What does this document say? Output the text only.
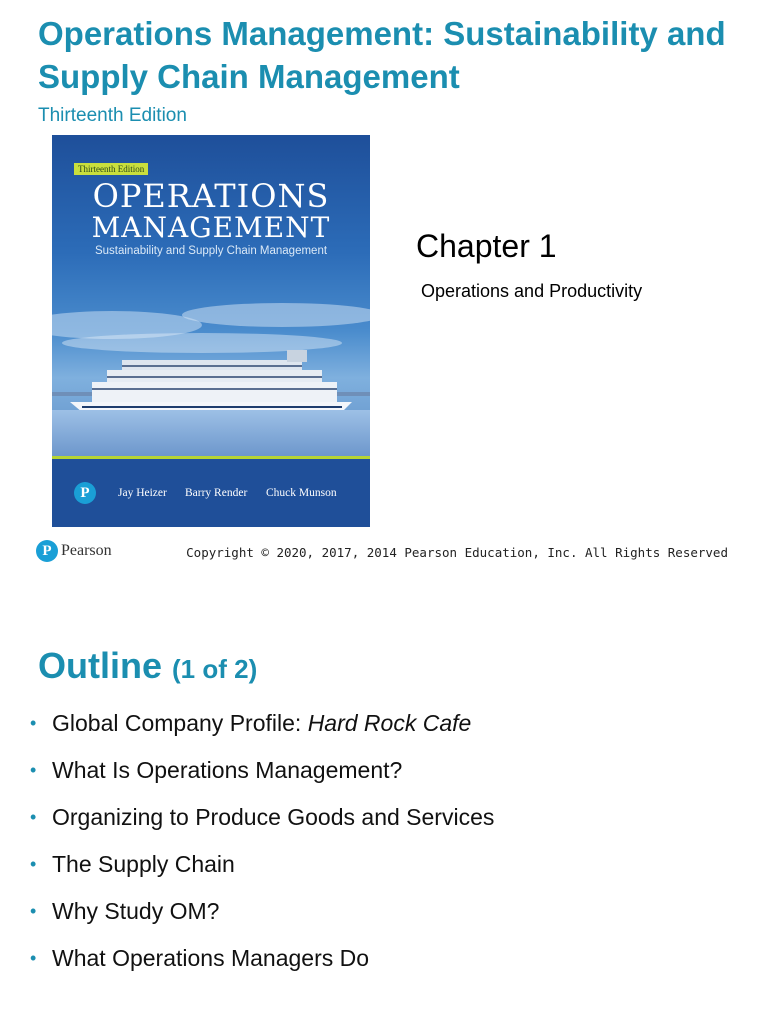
Operations Management: Sustainability and Supply Chain Management

Thirteenth Edition

Thirteenth Edition
OPERATIONS
MANAGEMENT
Sustainability and Supply Chain Management
P	Jay Heizer Barry Render Chuck Munson
Chapter 1
Operations and Productivity
P Pearson	Copyright © 2020, 2017, 2014 Pearson Education, Inc. All Rights Reserved
Outline (1 of 2)
• Global Company Profile: Hard Rock Cafe
• What Is Operations Management?
• Organizing to Produce Goods and Services
• The Supply Chain
• Why Study OM?
• What Operations Managers Do
